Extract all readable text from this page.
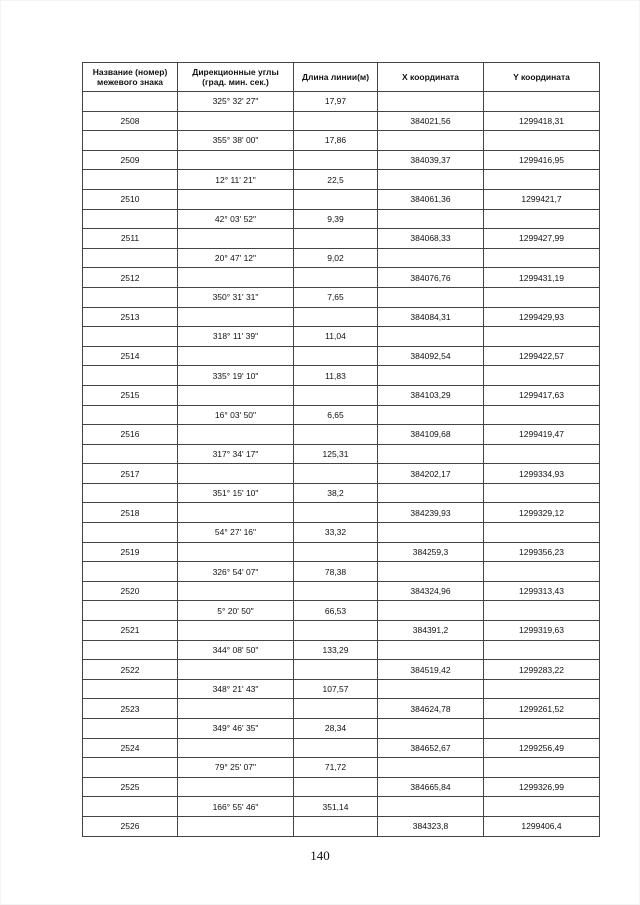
Название (номер)
межевого знака	Дирекционные углы
(град. мин. сек.)	Длина линии(м)	X координата	Y координата

	325° 32' 27"	17,97		
2508			384021,56	1299418,31
	355° 38' 00"	17,86		
2509			384039,37	1299416,95
	12° 11' 21"	22,5		
2510			384061,36	1299421,7
	42° 03' 52"	9,39		
2511			384068,33	1299427,99
	20° 47' 12"	9,02		
2512			384076,76	1299431,19
	350° 31' 31"	7,65		
2513			384084,31	1299429,93
	318° 11' 39"	11,04		
2514			384092,54	1299422,57
	335° 19' 10"	11,83		
2515			384103,29	1299417,63
	16° 03' 50"	6,65		
2516			384109,68	1299419,47
	317° 34' 17"	125,31		
2517			384202,17	1299334,93
	351° 15' 10"	38,2		
2518			384239,93	1299329,12
	54° 27' 16"	33,32		
2519			384259,3	1299356,23
	326° 54' 07"	78,38		
2520			384324,96	1299313,43
	5° 20' 50"	66,53		
2521			384391,2	1299319,63
	344° 08' 50"	133,29		
2522			384519,42	1299283,22
	348° 21' 43"	107,57		
2523			384624,78	1299261,52
	349° 46' 35"	28,34		
2524			384652,67	1299256,49
	79° 25' 07"	71,72		
2525			384665,84	1299326,99
	166° 55' 46"	351,14		
2526			384323,8	1299406,4
140
